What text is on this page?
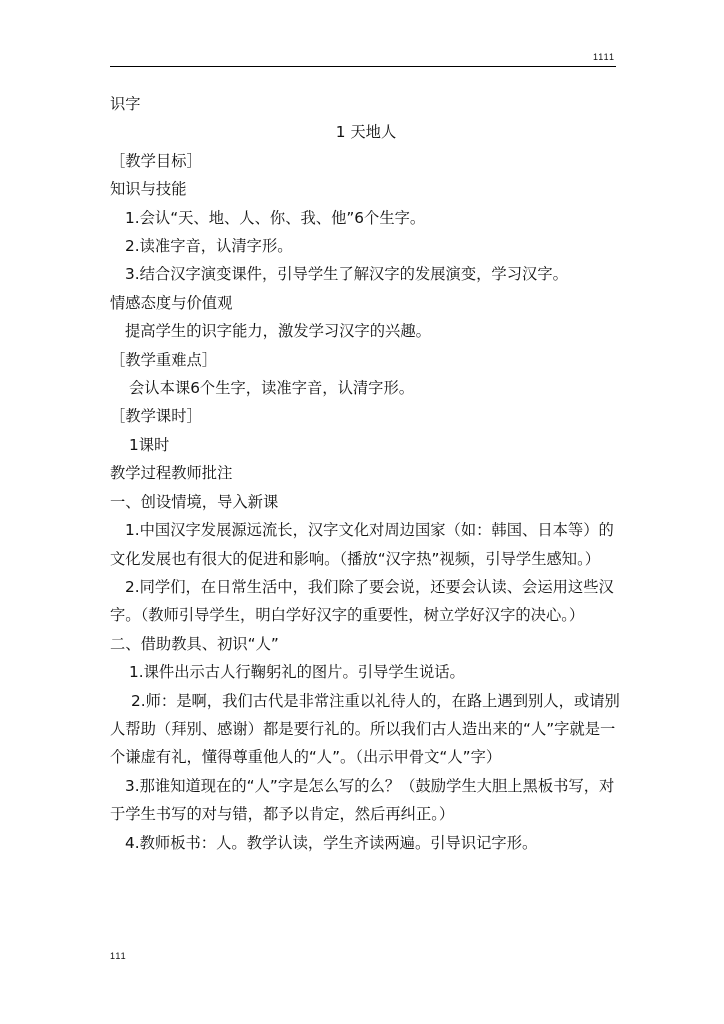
1111
识字
1 天地人
［教学目标］
知识与技能
1.会认“天、地、人、你、我、他”6个生字。
2.读准字音，认清字形。
3.结合汉字演变课件，引导学生了解汉字的发展演变，学习汉字。
情感态度与价值观
提高学生的识字能力，激发学习汉字的兴趣。
［教学重难点］
会认本课6个生字，读准字音，认清字形。
［教学课时］
1课时
教学过程教师批注
一、创设情境，导入新课
1.中国汉字发展源远流长，汉字文化对周边国家（如：韩国、日本等）的文化发展也有很大的促进和影响。（播放“汉字热”视频，引导学生感知。）
2.同学们，在日常生活中，我们除了要会说，还要会认读、会运用这些汉字。（教师引导学生，明白学好汉字的重要性，树立学好汉字的决心。）
二、借助教具、初识“人”
1.课件出示古人行鞠躬礼的图片。引导学生说话。
2.师：是啊，我们古代是非常注重以礼待人的，在路上遇到别人，或请别人帮助（拜别、感谢）都是要行礼的。所以我们古人造出来的“人”字就是一个谦虚有礼，懂得尊重他人的“人”。（出示甲骨文“人”字）
3.那谁知道现在的“人”字是怎么写的么？（鼓励学生大胆上黑板书写，对于学生书写的对与错，都予以肯定，然后再纠正。）
4.教师板书：人。教学认读，学生齐读两遍。引导识记字形。
111
